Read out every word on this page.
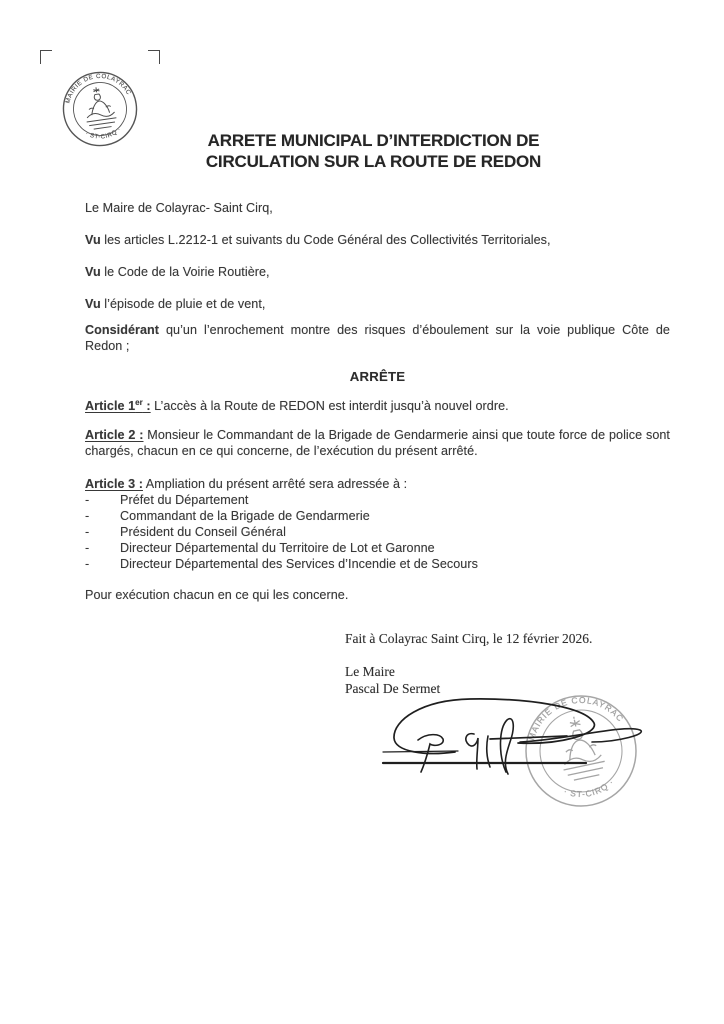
MAIRIE DE COLAYRAC
· ST-CIRQ ·
ARRETE MUNICIPAL D’INTERDICTION DE
CIRCULATION SUR LA ROUTE DE REDON
Le Maire de Colayrac- Saint Cirq,
Vu les articles L.2212-1 et suivants du Code Général des Collectivités Territoriales,
Vu le Code de la Voirie Routière,
Vu l’épisode de pluie et de vent,
Considérant qu’un l’enrochement montre des risques d’éboulement sur la voie publique Côte de Redon ;
ARRÊTE
Article 1er : L’accès à la Route de REDON est interdit jusqu’à nouvel ordre.
Article 2 : Monsieur le Commandant de la Brigade de Gendarmerie ainsi que toute force de police sont chargés, chacun en ce qui concerne, de l’exécution du présent arrêté.
Article 3 : Ampliation du présent arrêté sera adressée à :
-	Préfet du Département
-	Commandant de la Brigade de Gendarmerie
-	Président du Conseil Général
-	Directeur Départemental du Territoire de Lot et Garonne
-	Directeur Départemental des Services d’Incendie et de Secours
Pour exécution chacun en ce qui les concerne.
Fait à Colayrac Saint Cirq, le 12 février 2026.
Le Maire
Pascal De Sermet
MAIRIE DE COLAYRAC
· ST-CIRQ ·
